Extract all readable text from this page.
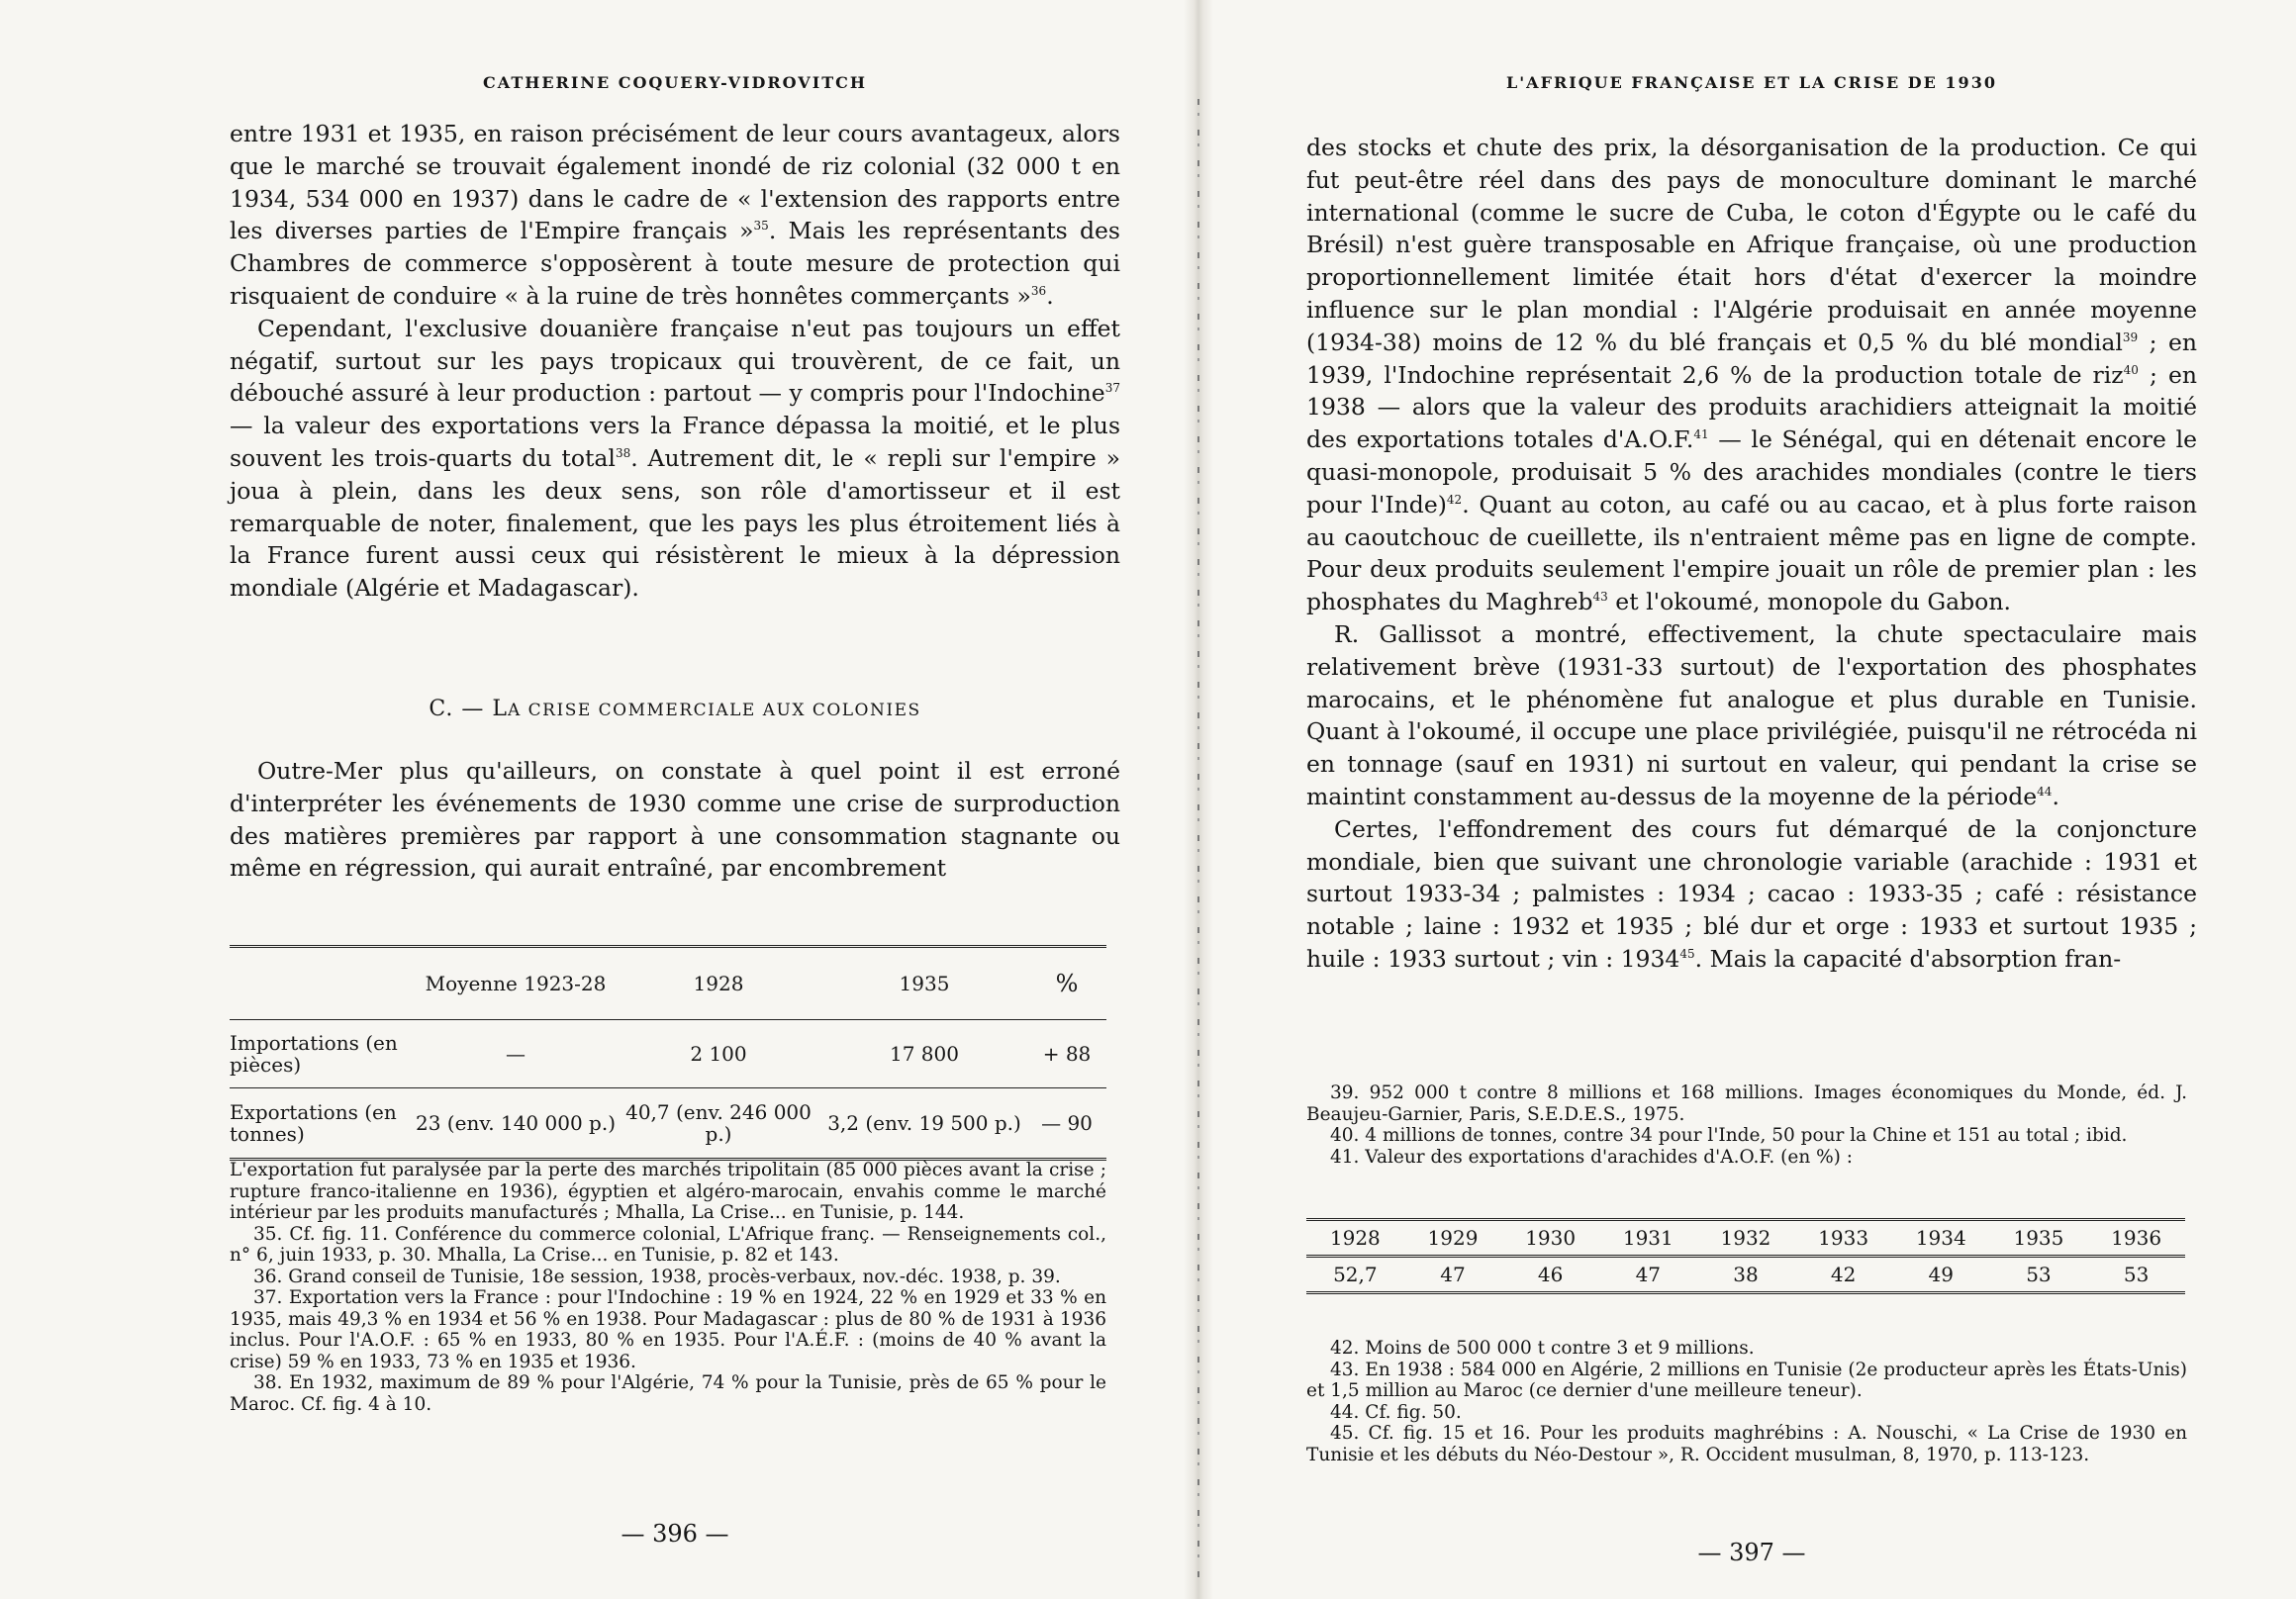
CATHERINE COQUERY-VIDROVITCH

entre 1931 et 1935, en raison précisément de leur cours avantageux, alors que le marché se trouvait également inondé de riz colonial (32 000 t en 1934, 534 000 en 1937) dans le cadre de « l'extension des rapports entre les diverses parties de l'Empire français »$^{35}$. Mais les représentants des Chambres de commerce s'opposèrent à toute mesure de protection qui risquaient de conduire « à la ruine de très honnêtes commerçants »$^{36}$.

Cependant, l'exclusive douanière française n'eut pas toujours un effet négatif, surtout sur les pays tropicaux qui trouvèrent, de ce fait, un débouché assuré à leur production : partout — y compris pour l'Indochine$^{37}$ — la valeur des exportations vers la France dépassa la moitié, et le plus souvent les trois-quarts du total$^{38}$. Autrement dit, le « repli sur l'empire » joua à plein, dans les deux sens, son rôle d'amortisseur et il est remarquable de noter, finalement, que les pays les plus étroitement liés à la France furent aussi ceux qui résistèrent le mieux à la dépression mondiale (Algérie et Madagascar).

C. — LA CRISE COMMERCIALE AUX COLONIES

Outre-Mer plus qu'ailleurs, on constate à quel point il est erroné d'interpréter les événements de 1930 comme une crise de surproduction des matières premières par rapport à une consommation stagnante ou même en régression, qui aurait entraîné, par encombrement

	Moyenne 1923-28	1928	1935	%
Importations (en pièces)	—	2 100	17 800	+ 88
Exportations (en tonnes)	23 (env. 140 000 p.)	40,7 (env. 246 000 p.)	3,2 (env. 19 500 p.)	— 90

L'exportation fut paralysée par la perte des marchés tripolitain (85 000 pièces avant la crise ; rupture franco-italienne en 1936), égyptien et algéro-marocain, envahis comme le marché intérieur par les produits manufacturés ; Mhalla, La Crise... en Tunisie, p. 144.

35. Cf. fig. 11. Conférence du commerce colonial, L'Afrique franç. — Renseignements col., n° 6, juin 1933, p. 30. Mhalla, La Crise... en Tunisie, p. 82 et 143.

36. Grand conseil de Tunisie, 18e session, 1938, procès-verbaux, nov.-déc. 1938, p. 39.

37. Exportation vers la France : pour l'Indochine : 19 % en 1924, 22 % en 1929 et 33 % en 1935, mais 49,3 % en 1934 et 56 % en 1938. Pour Madagascar : plus de 80 % de 1931 à 1936 inclus. Pour l'A.O.F. : 65 % en 1933, 80 % en 1935. Pour l'A.É.F. : (moins de 40 % avant la crise) 59 % en 1933, 73 % en 1935 et 1936.

38. En 1932, maximum de 89 % pour l'Algérie, 74 % pour la Tunisie, près de 65 % pour le Maroc. Cf. fig. 4 à 10.

— 396 —
L'AFRIQUE FRANÇAISE ET LA CRISE DE 1930

des stocks et chute des prix, la désorganisation de la production. Ce qui fut peut-être réel dans des pays de monoculture dominant le marché international (comme le sucre de Cuba, le coton d'Égypte ou le café du Brésil) n'est guère transposable en Afrique française, où une production proportionnellement limitée était hors d'état d'exercer la moindre influence sur le plan mondial : l'Algérie produisait en année moyenne (1934-38) moins de 12 % du blé français et 0,5 % du blé mondial$^{39}$ ; en 1939, l'Indochine représentait 2,6 % de la production totale de riz$^{40}$ ; en 1938 — alors que la valeur des produits arachidiers atteignait la moitié des exportations totales d'A.O.F.$^{41}$ — le Sénégal, qui en détenait encore le quasi-monopole, produisait 5 % des arachides mondiales (contre le tiers pour l'Inde)$^{42}$. Quant au coton, au café ou au cacao, et à plus forte raison au caoutchouc de cueillette, ils n'entraient même pas en ligne de compte. Pour deux produits seulement l'empire jouait un rôle de premier plan : les phosphates du Maghreb$^{43}$ et l'okoumé, monopole du Gabon.

R. Gallissot a montré, effectivement, la chute spectaculaire mais relativement brève (1931-33 surtout) de l'exportation des phosphates marocains, et le phénomène fut analogue et plus durable en Tunisie. Quant à l'okoumé, il occupe une place privilégiée, puisqu'il ne rétrocéda ni en tonnage (sauf en 1931) ni surtout en valeur, qui pendant la crise se maintint constamment au-dessus de la moyenne de la période$^{44}$.

Certes, l'effondrement des cours fut démarqué de la conjoncture mondiale, bien que suivant une chronologie variable (arachide : 1931 et surtout 1933-34 ; palmistes : 1934 ; cacao : 1933-35 ; café : résistance notable ; laine : 1932 et 1935 ; blé dur et orge : 1933 et surtout 1935 ; huile : 1933 surtout ; vin : 1934$^{45}$. Mais la capacité d'absorption fran-

39. 952 000 t contre 8 millions et 168 millions. Images économiques du Monde, éd. J. Beaujeu-Garnier, Paris, S.E.D.E.S., 1975.

40. 4 millions de tonnes, contre 34 pour l'Inde, 50 pour la Chine et 151 au total ; ibid.

41. Valeur des exportations d'arachides d'A.O.F. (en %) :

1928	1929	1930	1931	1932	1933	1934	1935	1936
52,7	47	46	47	38	42	49	53	53

42. Moins de 500 000 t contre 3 et 9 millions.

43. En 1938 : 584 000 en Algérie, 2 millions en Tunisie (2e producteur après les États-Unis) et 1,5 million au Maroc (ce dernier d'une meilleure teneur).

44. Cf. fig. 50.

45. Cf. fig. 15 et 16. Pour les produits maghrébins : A. Nouschi, « La Crise de 1930 en Tunisie et les débuts du Néo-Destour », R. Occident musulman, 8, 1970, p. 113-123.

— 397 —
